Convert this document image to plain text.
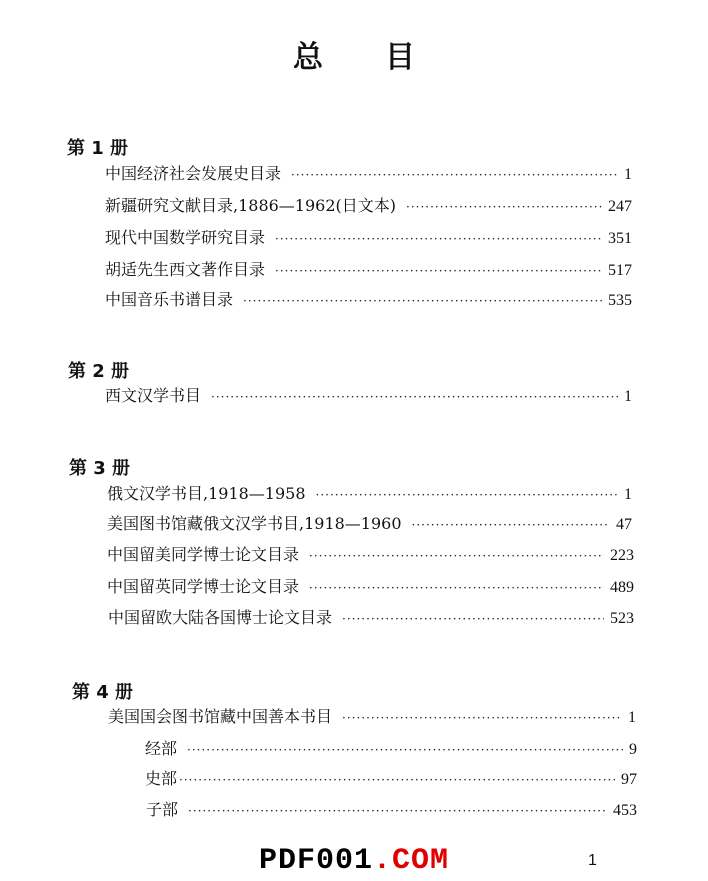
总 目
第 1 册
中国经济社会发展史目录 ·····	1
新疆研究文献目录,1886—1962(日文本) ·····	247
现代中国数学研究目录 ·····	351
胡适先生西文著作目录 ·····	517
中国音乐书谱目录 ·····	535
第 2 册
西文汉学书目 ·····	1
第 3 册
俄文汉学书目,1918—1958 ·····	1
美国图书馆藏俄文汉学书目,1918—1960 ·····	47
中国留美同学博士论文目录 ·····	223
中国留英同学博士论文目录 ·····	489
中国留欧大陆各国博士论文目录 ·····	523
第 4 册
美国国会图书馆藏中国善本书目 ·····	1
经部 ·····	9
史部 ·····	97
子部 ·····	453
PDF001.COM	1
